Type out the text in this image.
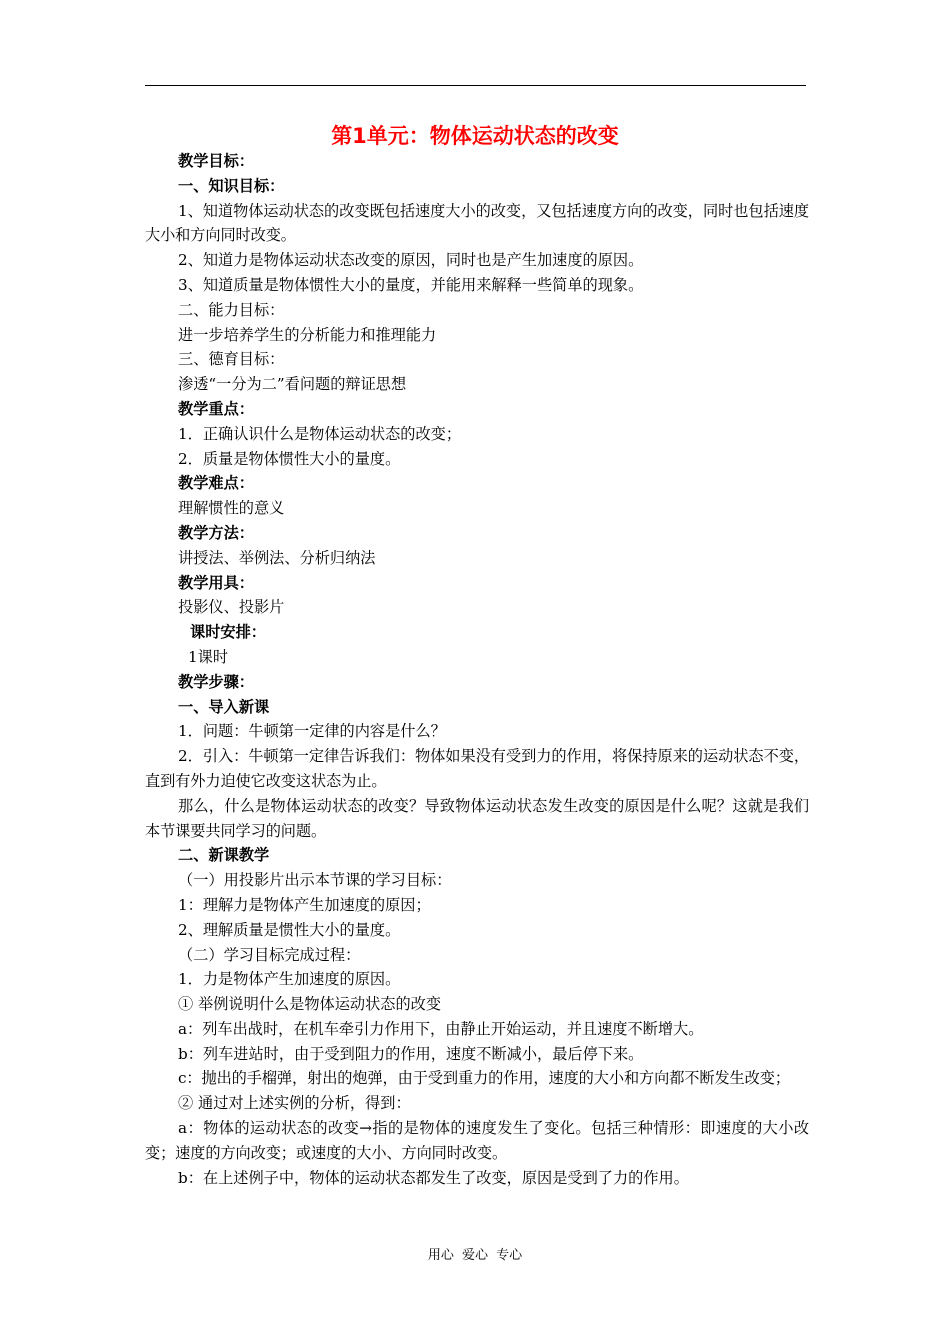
第1单元：物体运动状态的改变

教学目标：

一、知识目标：

1、知道物体运动状态的改变既包括速度大小的改变，又包括速度方向的改变，同时也包括速度大小和方向同时改变。

2、知道力是物体运动状态改变的原因，同时也是产生加速度的原因。

3、知道质量是物体惯性大小的量度，并能用来解释一些简单的现象。

二、能力目标：

进一步培养学生的分析能力和推理能力

三、德育目标：

渗透“一分为二”看问题的辩证思想

教学重点：

1．正确认识什么是物体运动状态的改变；

2．质量是物体惯性大小的量度。

教学难点：

理解惯性的意义

教学方法：

讲授法、举例法、分析归纳法

教学用具：

投影仪、投影片

课时安排：

1课时

教学步骤：

一、导入新课

1．问题：牛顿第一定律的内容是什么？

2．引入：牛顿第一定律告诉我们：物体如果没有受到力的作用，将保持原来的运动状态不变，直到有外力迫使它改变这状态为止。

那么，什么是物体运动状态的改变？导致物体运动状态发生改变的原因是什么呢？这就是我们本节课要共同学习的问题。

二、新课教学

（一）用投影片出示本节课的学习目标：

1：理解力是物体产生加速度的原因；

2、理解质量是惯性大小的量度。

（二）学习目标完成过程：

1．力是物体产生加速度的原因。

① 举例说明什么是物体运动状态的改变

a：列车出战时，在机车牵引力作用下，由静止开始运动，并且速度不断增大。

b：列车进站时，由于受到阻力的作用，速度不断减小，最后停下来。

c：抛出的手榴弹，射出的炮弹，由于受到重力的作用，速度的大小和方向都不断发生改变；

② 通过对上述实例的分析，得到：

a：物体的运动状态的改变→指的是物体的速度发生了变化。包括三种情形：即速度的大小改变；速度的方向改变；或速度的大小、方向同时改变。

b：在上述例子中，物体的运动状态都发生了改变，原因是受到了力的作用。

用心 爱心 专心
